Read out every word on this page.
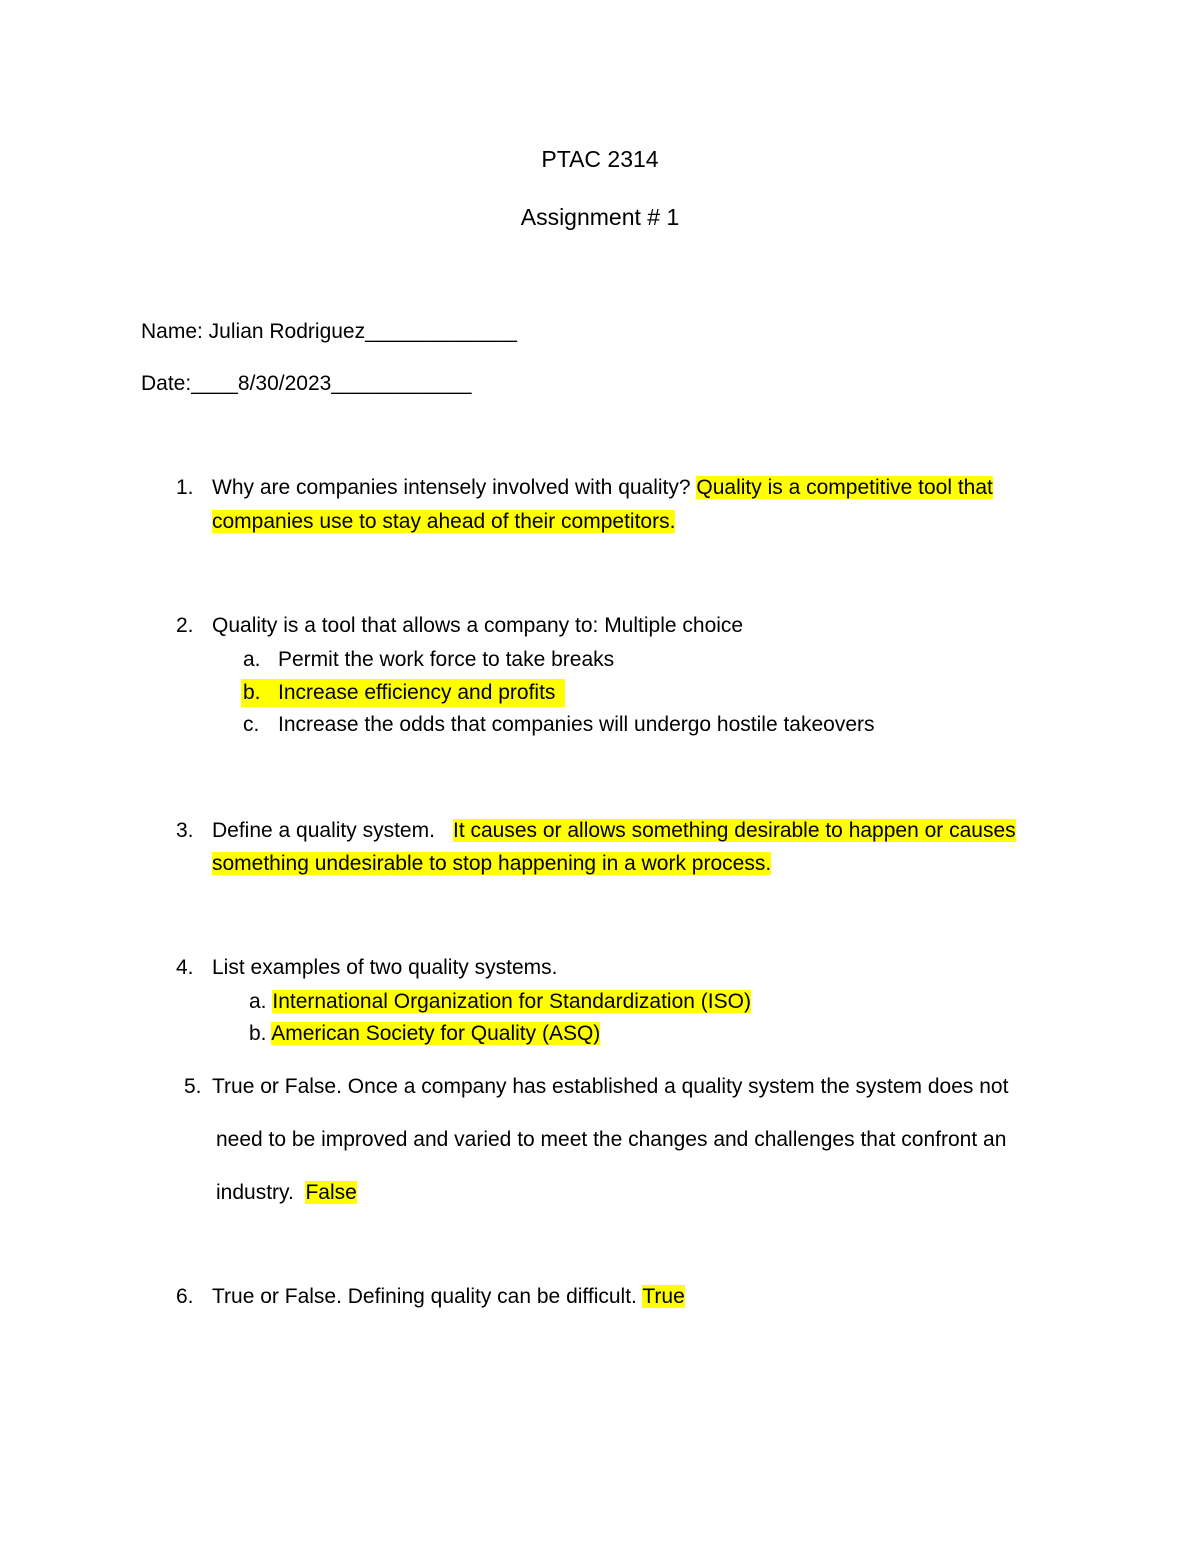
PTAC 2314
Assignment # 1
Name: Julian Rodriguez_____________
Date:____8/30/2023____________
1. Why are companies intensely involved with quality? Quality is a competitive tool that
companies use to stay ahead of their competitors.
2. Quality is a tool that allows a company to: Multiple choice
a. Permit the work force to take breaks
b. Increase efficiency and profits

c. Increase the odds that companies will undergo hostile takeovers
3. Define a quality system. It causes or allows something desirable to happen or causes
something undesirable to stop happening in a work process.
4. List examples of two quality systems.
a. International Organization for Standardization (ISO)
b. American Society for Quality (ASQ)
5. True or False. Once a company has established a quality system the system does not
need to be improved and varied to meet the changes and challenges that confront an
industry. False
6. True or False. Defining quality can be difficult. True
